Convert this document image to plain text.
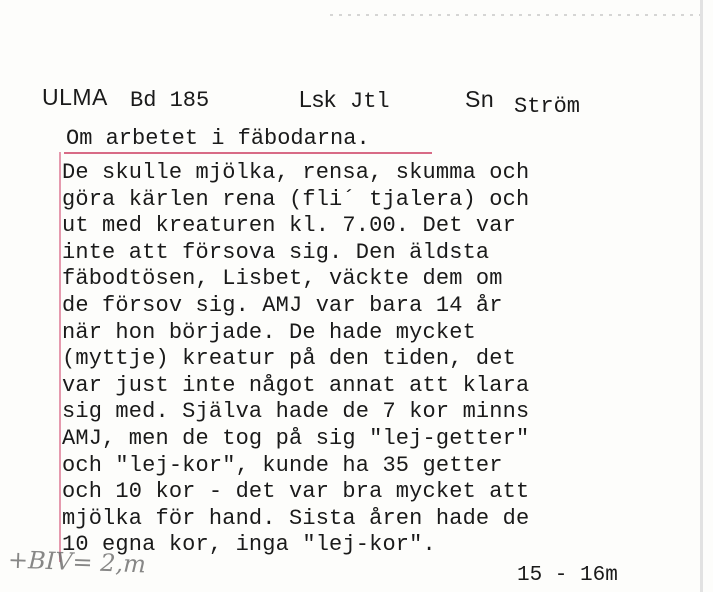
ULMA Bd 185	Lsk Jtl	Sn Ström
Om arbetet i fäbodarna.
De skulle mjölka, rensa, skumma och
göra kärlen rena (fli´ tjalera) och
ut med kreaturen kl. 7.00. Det var
inte att försova sig. Den äldsta
fäbodtösen, Lisbet, väckte dem om
de försov sig. AMJ var bara 14 år
när hon började. De hade mycket
(myttje) kreatur på den tiden, det
var just inte något annat att klara
sig med. Själva hade de 7 kor minns
AMJ, men de tog på sig "lej-getter"
och "lej-kor", kunde ha 35 getter
och 10 kor - det var bra mycket att
mjölka för hand. Sista åren hade de
10 egna kor, inga "lej-kor".
15 - 16m
+BIV= 2,m
